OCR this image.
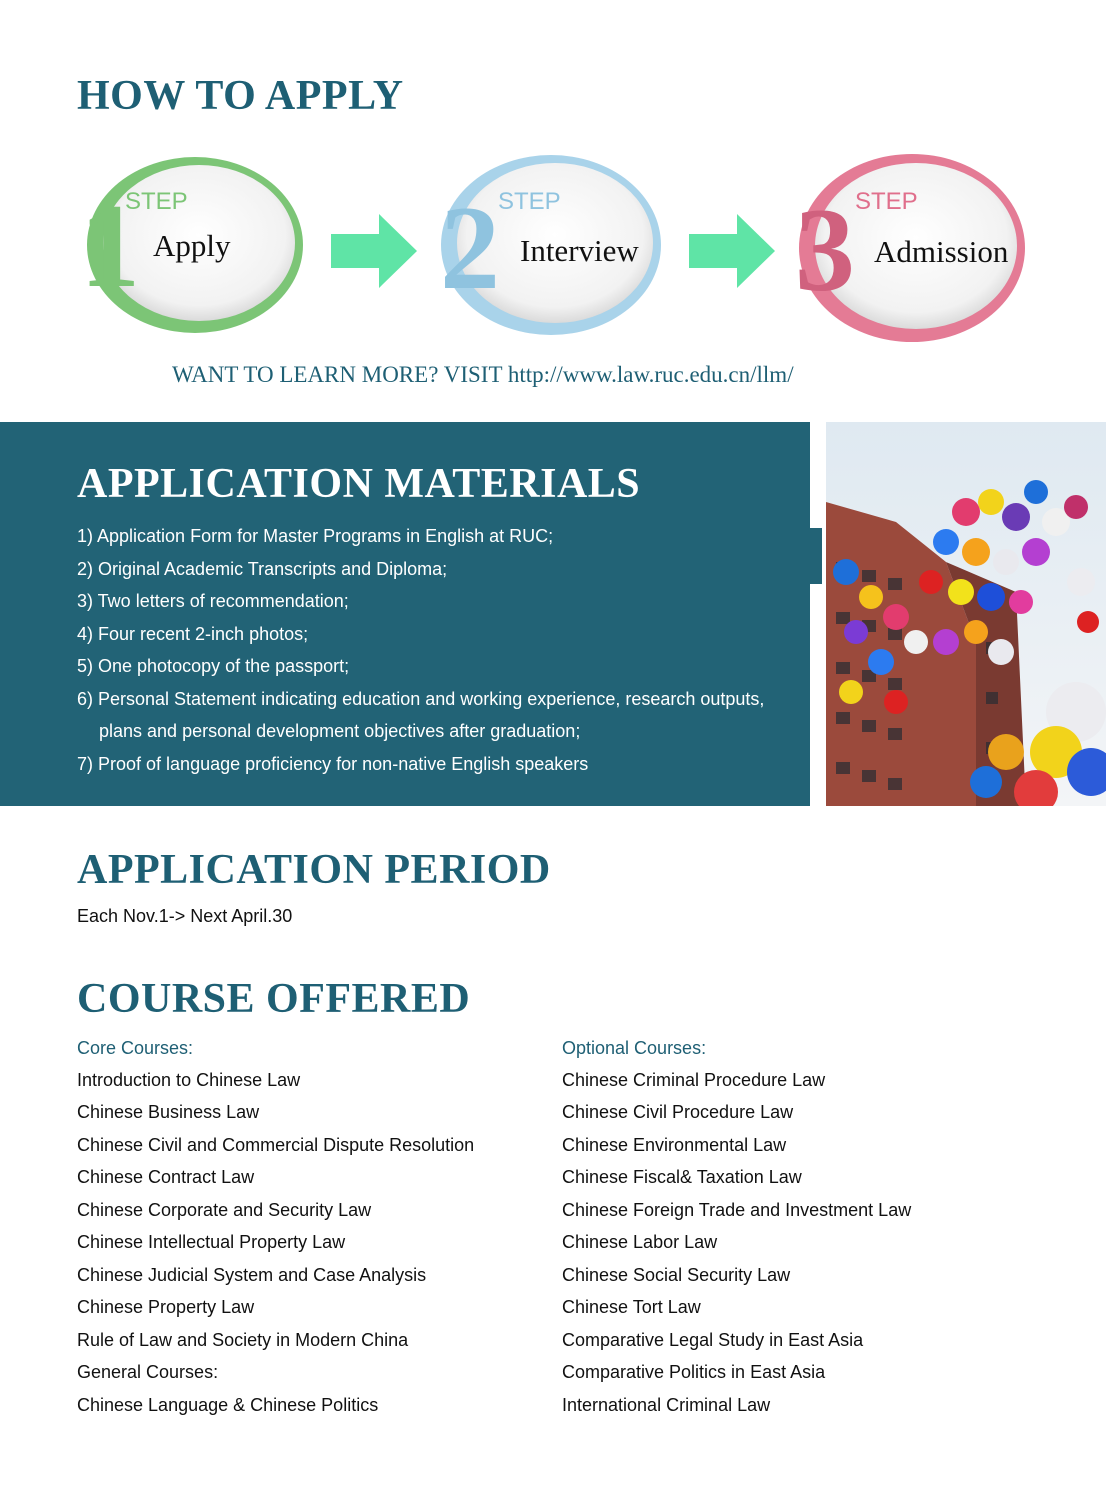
HOW TO APPLY
1
STEP
Apply 2
STEP
Interview 3 STEP
Admission
WANT TO LEARN MORE? VISIT http://www.law.ruc.edu.cn/llm/
APPLICATION MATERIALS
1) Application Form for Master Programs in English at RUC;
2) Original Academic Transcripts and Diploma;
3) Two letters of recommendation;
4) Four recent 2-inch photos;
5) One photocopy of the passport;
6) Personal Statement indicating education and working experience, research outputs,
plans and personal development objectives after graduation;
7) Proof of language proficiency for non-native English speakers
APPLICATION PERIOD
Each Nov.1-> Next April.30
COURSE OFFERED
Core Courses:
Introduction to Chinese Law
Chinese Business Law
Chinese Civil and Commercial Dispute Resolution
Chinese Contract Law
Chinese Corporate and Security Law
Chinese Intellectual Property Law
Chinese Judicial System and Case Analysis
Chinese Property Law
Rule of Law and Society in Modern China
General Courses:
Chinese Language & Chinese Politics
Optional Courses:
Chinese Criminal Procedure Law
Chinese Civil Procedure Law
Chinese Environmental Law
Chinese Fiscal& Taxation Law
Chinese Foreign Trade and Investment Law
Chinese Labor Law
Chinese Social Security Law
Chinese Tort Law
Comparative Legal Study in East Asia
Comparative Politics in East Asia
International Criminal Law
